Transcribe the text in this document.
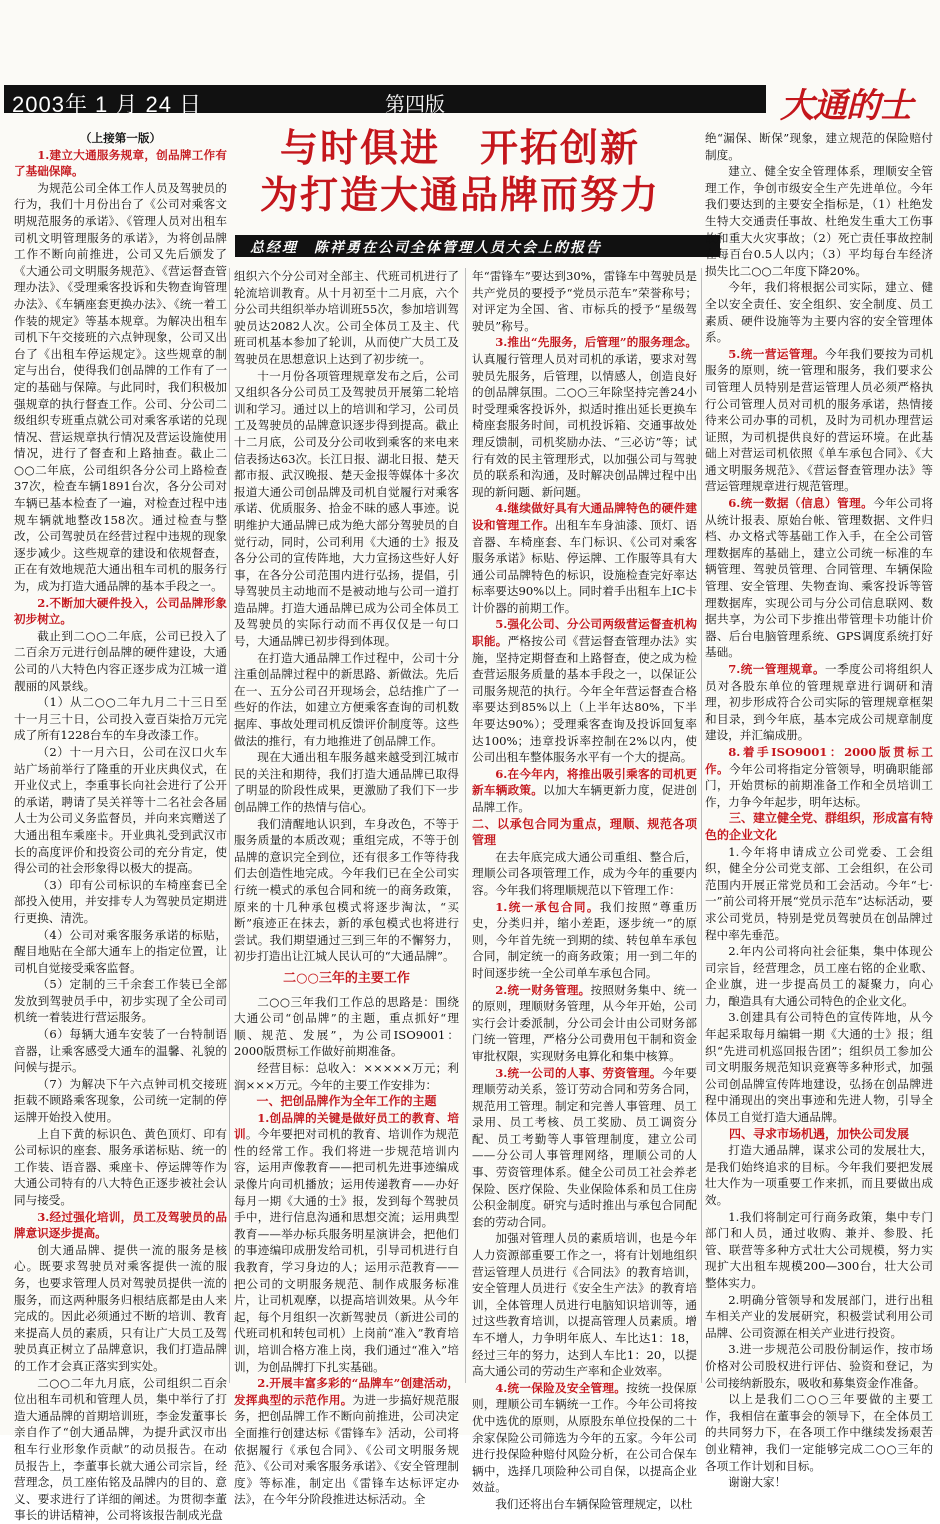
2003年 1 月 24 日	第四版	大通的士
与时俱进　开拓创新
为打造大通品牌而努力
总经理　陈祥勇在公司全体管理人员大会上的报告

（上接第一版）

1.建立大通服务规章，创品牌工作有了基础保障。

为规范公司全体工作人员及驾驶员的行为，我们十月份出台了《公司对乘客文明规范服务的承诺》、《管理人员对出租车司机文明管理服务的承诺》，为将创品牌工作不断向前推进，公司又先后颁发了《大通公司文明服务规范》、《营运督查管理办法》、《受理乘客投诉和失物查询管理办法》、《车辆座套更换办法》、《统一着工作装的规定》等基本规章。为解决出租车司机下午交接班的六点钟现象，公司又出台了《出租车停运规定》。这些规章的制定与出台，使得我们创品牌的工作有了一定的基础与保障。与此同时，我们积极加强规章的执行督查工作。公司、分公司二级组织专班重点就公司对乘客承诺的兑现情况、营运规章执行情况及营运设施使用情况，进行了督查和上路抽查。截止二○○二年底，公司组织各分公司上路检查37次，检查车辆1891台次，各分公司对车辆已基本检查了一遍，对检查过程中违规车辆就地整改158次。通过检查与整改，公司驾驶员在经营过程中违规的现象逐步减少。这些规章的建设和依规督查，正在有效地规范大通出租车司机的服务行为，成为打造大通品牌的基本手段之一。

2.不断加大硬件投入，公司品牌形象初步树立。

截止到二○○二年底，公司已投入了二百余万元进行创品牌的硬件建设，大通公司的八大特色内容正逐步成为江城一道靓丽的风景线。

（1）从二○○二年九月二十三日至十一月三十日，公司投入壹百柒拾万元完成了所有1228台车的车身改漆工作。

（2）十一月六日，公司在汉口火车站广场前举行了隆重的开业庆典仪式，在开业仪式上，李重事长向社会进行了公开的承诺，聘请了吴关祥等十二名社会各届人士为公司义务监督员，并向来宾赠送了大通出租车乘座卡。开业典礼受到武汉市长的高度评价和投资公司的充分肯定，使得公司的社会形象得以极大的提高。

（3）印有公司标识的车椅座套已全部投入使用，并安排专人为驾驶员定期进行更换、清洗。

（4）公司对乘客服务承诺的标贴，醒目地贴在全部大通车上的指定位置，让司机自觉接受乘客监督。

（5）定制的三千余套工作装已全部发放到驾驶员手中，初步实现了全公司司机统一着装进行营运服务。

（6）每辆大通车安装了一台特制语音器，让乘客感受大通车的温馨、礼貌的问候与提示。

（7）为解决下午六点钟司机交接班拒载不顾路乘客现象，公司统一定制的停运牌开始投入使用。

上自下黄的标识色、黄色顶灯、印有公司标识的座套、服务承诺标贴、统一的工作装、语音器、乘座卡、停运牌等作为大通公司特有的八大特色正逐步被社会认同与接受。

3.经过强化培训，员工及驾驶员的品牌意识逐步提高。

创大通品牌、提供一流的服务是核心。既要求驾驶员对乘客提供一流的服务，也要求管理人员对驾驶员提供一流的服务，而这两种服务归根结底都是由人来完成的。因此必须通过不断的培训、教育来提高人员的素质，只有让广大员工及驾驶员真正树立了品牌意识，我们打造品牌的工作才会真正落实到实处。

二○○二年九月底，公司组织二百余位出租车司机和管理人员，集中举行了打造大通品牌的首期培训班，李金发董事长亲自作了“创大通品牌，为提升武汉市出租车行业形象作贡献”的动员报告。在动员报告上，李董事长就大通公司宗旨，经营理念，员工座佑铭及品牌内的目的、意义、要求进行了详细的阐述。为贯彻李董事长的讲话精神，公司将该报告制成光盘

组织六个分公司对全部主、代班司机进行了轮流培训教育。从十月初至十二月底，六个分公司共组织举办培训班55次，参加培训驾驶员达2082人次。公司全体员工及主、代班司机基本参加了轮训，从而使广大员工及驾驶员在思想意识上达到了初步统一。

十一月份各项管理规章发布之后，公司又组织各分公司员工及驾驶员开展第二轮培训和学习。通过以上的培训和学习，公司员工及驾驶员的品牌意识逐步得到提高。截止十二月底，公司及分公司收到乘客的来电来信表扬达63次。长江日报、湖北日报、楚天都市报、武汉晚报、楚天金报等媒体十多次报道大通公司创品牌及司机自觉履行对乘客承诺、优质服务、拾金不昧的感人事迹。说明维护大通品牌已成为绝大部分驾驶员的自觉行动，同时，公司利用《大通的士》报及各分公司的宣传阵地，大力宣扬这些好人好事，在各分公司范围内进行弘扬，提倡，引导驾驶员主动地而不是被动地与公司一道打造品牌。打造大通品牌已成为公司全体员工及驾驶员的实际行动而不再仅仅是一句口号，大通品牌已初步得到体现。

在打造大通品牌工作过程中，公司十分注重创品牌过程中的新思路、新做法。先后在一、五分公司召开现场会，总结推广了一些好的作法，如建立方便乘客查询的司机数据库、事故处理司机反馈评价制度等。这些做法的推行，有力地推进了创品牌工作。

现在大通出租车服务越来越受到江城市民的关注和期待，我们打造大通品牌已取得了明显的阶段性成果，更激励了我们下一步创品牌工作的热情与信心。

我们清醒地认识到，车身改色，不等于服务质量的本质改观；重组完成，不等于创品牌的意识完全到位，还有很多工作等待我们去创造性地完成。今年我们已在全公司实行统一模式的承包合同和统一的商务政策，原来的十几种承包模式将逐步淘汰，“买断”痕迹正在抹去，新的承包模式也将进行尝试。我们期望通过三到三年的不懈努力，初步打造出让江城人民认可的“大通品牌”。

二○○三年的主要工作

二○○三年我们工作总的思路是：围绕大通公司“创品牌”的主题，重点抓好“理顺、规范、发展”，为公司ISO9001：2000版贯标工作做好前期准备。

经营目标：总收入：×××××万元；利润×××万元。今年的主要工作安排为：

一、把创品牌作为全年工作的主题

1.创品牌的关键是做好员工的教育、培训。今年要把对司机的教育、培训作为规范性的经常工作。我们将进一步规范培训内容，运用声像教育——把司机先进事迹编成录像片向司机播放；运用传递教育——办好每月一期《大通的士》报，发到每个驾驶员手中，进行信息沟通和思想交流；运用典型教育——举办标兵服务明星演讲会，把他们的事迹编印成册发给司机，引导司机进行自我教育，学习身边的人；运用示范教育——把公司的文明服务规范、制作成服务标准片，让司机观摩，以提高培训效果。从今年起，每个月组织一次新驾驶员（新进公司的代班司机和转包司机）上岗前“准入”教育培训，培训合格方准上岗，我们通过“准入”培训，为创品牌打下扎实基础。

2.开展丰富多彩的“品牌车”创建活动，发挥典型的示范作用。为进一步搞好规范服务，把创品牌工作不断向前推进，公司决定全面推行创建达标《雷锋车》活动，公司将依据履行《承包合同》、《公司文明服务规范》、《公司对乘客服务承诺》、《安全管理制度》等标准，制定出《雷锋车达标评定办法》，在今年分阶段推进达标活动。全

年“雷锋车”要达到30%，雷锋车中驾驶员是共产党员的要授予“党员示范车”荣誉称号；对评定为全国、省、市标兵的授予“星级驾驶员”称号。

3.推出“先服务，后管理”的服务理念。认真履行管理人员对司机的承诺，要求对驾驶员先服务，后管理，以情感人，创造良好的创品牌氛围。二○○三年除坚持完善24小时受理乘客投诉外，拟适时推出延长更换车椅座套服务时间，司机投诉箱、交通事故处理反馈制，司机奖励办法、“三必访”等；试行有效的民主管理形式，以加强公司与驾驶员的联系和沟通，及时解决创品牌过程中出现的新问题、新问题。

4.继续做好具有大通品牌特色的硬件建设和管理工作。出租车车身油漆、顶灯、语音器、车椅座套、车门标识、《公司对乘客服务承诺》标贴、停运牌、工作服等具有大通公司品牌特色的标识，设施检查完好率达标率要达90%以上。同时着手出租车上IC卡计价器的前期工作。

5.强化公司、分公司两级营运督查机构职能。严格按公司《营运督查管理办法》实施，坚持定期督查和上路督查，使之成为检查营运服务质量的基本手段之一，以保证公司服务规范的执行。今年全年营运督查合格率要达到85%以上（上半年达80%，下半年要达90%）；受理乘客查询及投诉回复率达100%；违章投诉率控制在2%以内，使公司出租车整体服务水平有一个大的提高。

6.在今年内，将推出吸引乘客的司机更新车辆政策。以加大车辆更新力度，促进创品牌工作。

二、以承包合同为重点，理顺、规范各项管理

在去年底完成大通公司重组、整合后，理顺公司各项管理工作，成为今年的重要内容。今年我们将理顺规范以下管理工作：

1.统一承包合同。我们按照“尊重历史，分类归并，缩小差距，逐步统一”的原则，今年首先统一到期的续、转包单车承包合同，制定统一的商务政策；用一到二年的时间逐步统一全公司单车承包合同。

2.统一财务管理。按照财务集中、统一的原则，理顺财务管理，从今年开始，公司实行会计委派制，分公司会计由公司财务部门统一管理，严格分公司费用包干制和资金审批权限，实现财务电算化和集中核算。

3.统一公司的人事、劳资管理。今年要理顺劳动关系，签订劳动合同和劳务合同，规范用工管理。制定和完善人事管理、员工录用、员工考核、员工奖励、员工调资分配、员工考勤等人事管理制度，建立公司——分公司人事管理网络，理顺公司的人事、劳资管理体系。健全公司员工社会养老保险、医疗保险、失业保险体系和员工住房公积金制度。研究与适时推出与承包合同配套的劳动合同。

加强对管理人员的素质培训，也是今年人力资源部重要工作之一，将有计划地组织营运管理人员进行《合同法》的教育培训，安全管理人员进行《安全生产法》的教育培训，全体管理人员进行电脑知识培训等，通过这些教育培训，以提高管理人员素质。增车不增人，力争明年底人、车比达1：18，经过三年的努力，达到人车比1：20，以提高大通公司的劳动生产率和企业效率。

4.统一保险及安全管理。按统一投保原则，理顺公司车辆统一工作。今年公司将按优中选优的原则，从原股东单位投保的二十余家保险公司筛选为今年的五家。今年公司进行投保险种赔付风险分析，在公司合保车辆中，选择几项险种公司自保，以提高企业效益。

我们还将出台车辆保险管理规定，以杜

绝“漏保、断保”现象，建立规范的保险赔付制度。

建立、健全安全管理体系，理顺安全管理工作，争创市级安全生产先进单位。今年我们要达到的主要安全指标是，（1）杜绝发生特大交通责任事故、杜绝发生重大工伤事故和重大火灾事故；（2）死亡责任事故控制在每百台0.5人以内；（3）平均每台车经济损失比二○○二年度下降20%。

今年，我们将根据公司实际，建立、健全以安全责任、安全组织、安全制度、员工素质、硬件设施等为主要内容的安全管理体系。

5.统一营运管理。今年我们要按为司机服务的原则，统一管理和服务，我们要求公司管理人员特别是营运管理人员必须严格执行公司管理人员对司机的服务承诺，热情接待来公司办事的司机，及时为司机办理营运证照，为司机提供良好的营运环境。在此基础上对营运司机依照《单车承包合同》、《大通文明服务规范》、《营运督查管理办法》等营运管理规章进行规范管理。

6.统一数据（信息）管理。今年公司将从统计报表、原始台帐、管理数据、文件归档、办文格式等基础工作入手，在全公司管理数据库的基础上，建立公司统一标准的车辆管理、驾驶员管理、合同管理、车辆保险管理、安全管理、失物查询、乘客投诉等管理数据库，实现公司与分公司信息联网、数据共享，为公司下步推出带管理卡功能计价器、后台电脑管理系统、GPS调度系统打好基础。

7.统一管理规章。一季度公司将组织人员对各股东单位的管理规章进行调研和清理，初步形成符合公司实际的管理规章框架和目录，到今年底，基本完成公司规章制度建设，并汇编成册。

8.着手ISO9001：2000版贯标工作。今年公司将指定分管领导，明确职能部门，开始贯标的前期准备工作和全员培训工作，力争今年起步，明年达标。

三、建立健全党、群组织，形成富有特色的企业文化

1.今年将申请成立公司党委、工会组织，健全分公司党支部、工会组织，在公司范围内开展正常党员和工会活动。今年“七·一”前公司将开展“党员示范车”达标活动，要求公司党员，特别是党员驾驶员在创品牌过程中率先垂范。

2.年内公司将向社会征集，集中体现公司宗旨，经营理念，员工座右铭的企业歌、企业旗，进一步提高员工的凝聚力，向心力，酿造具有大通公司特色的企业文化。

3.创建具有公司特色的宣传阵地，从今年起采取每月编辑一期《大通的士》报；组织“先进司机巡回报告团”；组织员工参加公司文明服务规范知识竞赛等多种形式，加强公司创品牌宣传阵地建设，弘扬在创品牌进程中涌现出的突出事迹和先进人物，引导全体员工自觉打造大通品牌。

四、寻求市场机遇，加快公司发展

打造大通品牌，谋求公司的发展壮大，是我们始终追求的目标。今年我们要把发展壮大作为一项重要工作来抓，而且要做出成效。

1.我们将制定可行商务政策，集中专门部门和人员，通过收购、兼并、参股、托管、联营等多种方式壮大公司规模，努力实现扩大出租车规模200—300台，壮大公司整体实力。

2.明确分管领导和发展部门，进行出租车相关产业的发展研究，积极尝试利用公司品牌、公司资源在相关产业进行投资。

3.进一步规范公司股份制运作，按市场价格对公司股权进行评估、验资和登记，为公司接纳新股东，吸收和募集资金作准备。

以上是我们二○○三年要做的主要工作，我相信在董事会的领导下，在全体员工的共同努力下，在各项工作中继续发扬艰苦创业精神，我们一定能够完成二○○三年的各项工作计划和目标。

谢谢大家！
